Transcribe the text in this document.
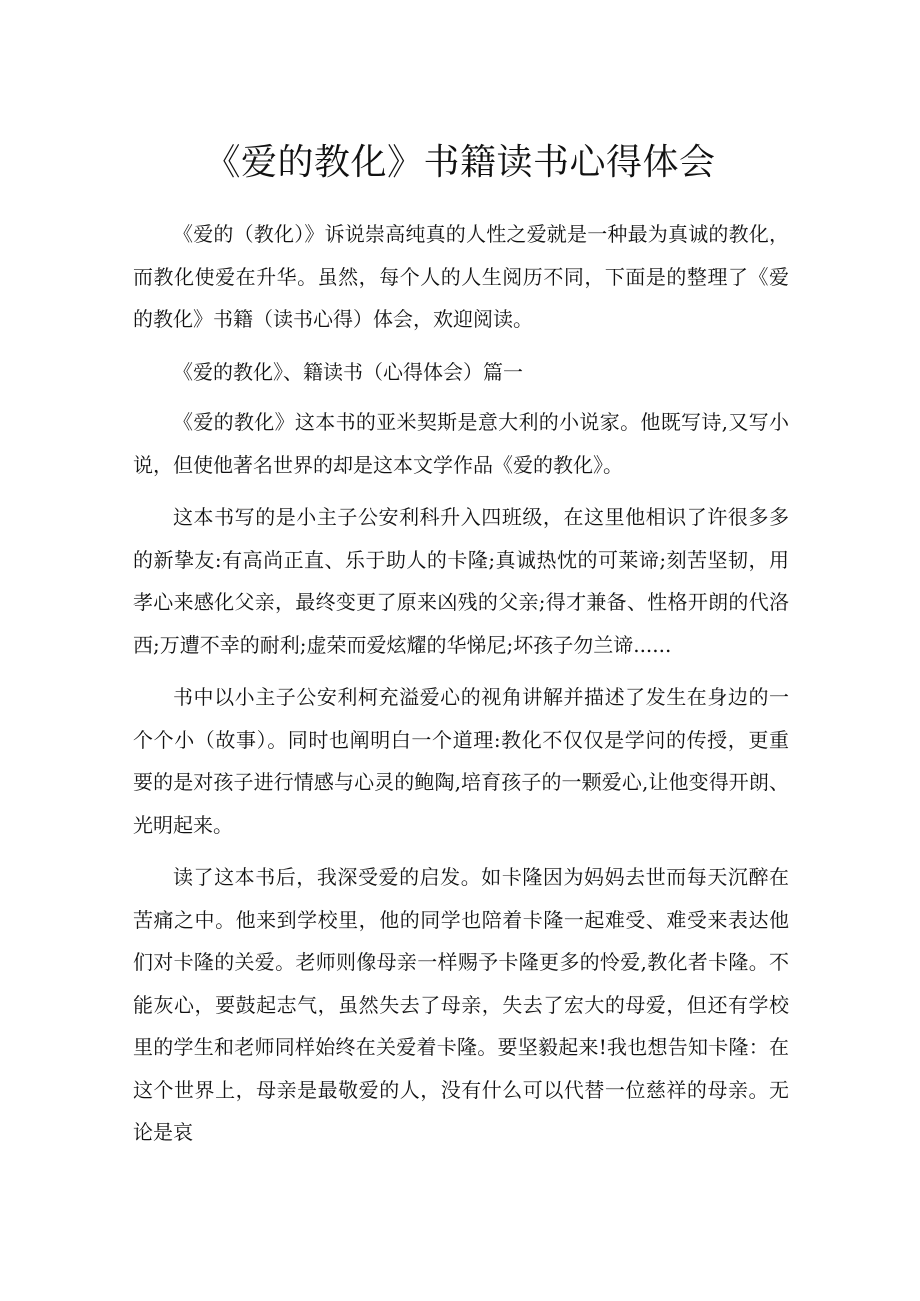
《爱的教化》书籍读书心得体会

《爱的（教化）》诉说崇高纯真的人性之爱就是一种最为真诚的教化，而教化使爱在升华。虽然，每个人的人生阅历不同，下面是的整理了《爱的教化》书籍（读书心得）体会，欢迎阅读。

《爱的教化》、籍读书（心得体会）篇一

《爱的教化》这本书的亚米契斯是意大利的小说家。他既写诗,又写小说，但使他著名世界的却是这本文学作品《爱的教化》。

这本书写的是小主子公安利科升入四班级，在这里他相识了许很多多的新挚友:有高尚正直、乐于助人的卡隆;真诚热忱的可莱谛;刻苦坚韧，用孝心来感化父亲，最终变更了原来凶残的父亲;得才兼备、性格开朗的代洛西;万遭不幸的耐利;虚荣而爱炫耀的华悌尼;坏孩子勿兰谛......

书中以小主子公安利柯充溢爱心的视角讲解并描述了发生在身边的一个个小（故事）。同时也阐明白一个道理:教化不仅仅是学问的传授，更重要的是对孩子进行情感与心灵的鲍陶,培育孩子的一颗爱心,让他变得开朗、光明起来。

读了这本书后，我深受爱的启发。如卡隆因为妈妈去世而每天沉醉在苦痛之中。他来到学校里，他的同学也陪着卡隆一起难受、难受来表达他们对卡隆的关爱。老师则像母亲一样赐予卡隆更多的怜爱,教化者卡隆。不能灰心，要鼓起志气，虽然失去了母亲，失去了宏大的母爱，但还有学校里的学生和老师同样始终在关爱着卡隆。要坚毅起来!我也想告知卡隆：在这个世界上，母亲是最敬爱的人，没有什么可以代替一位慈祥的母亲。无论是哀
